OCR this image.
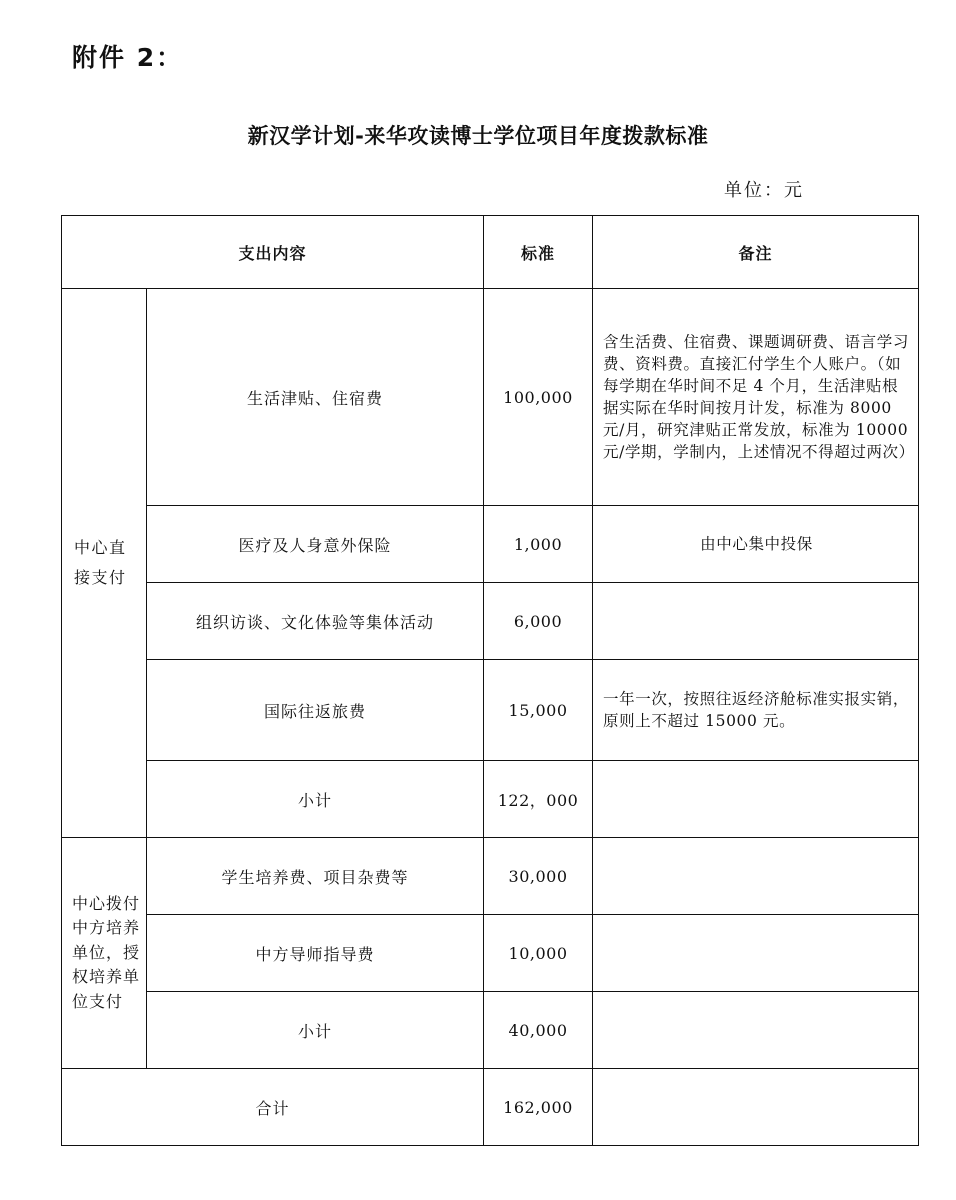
附件 2：
新汉学计划-来华攻读博士学位项目年度拨款标准
单位：元
支出内容		标准	备注

中心直
接支付	生活津贴、住宿费	100,000	含生活费、住宿费、课题调研费、语言学习费、资料费。直接汇付学生个人账户。（如每学期在华时间不足 4 个月，生活津贴根据实际在华时间按月计发，标准为 8000 元/月，研究津贴正常发放，标准为 10000 元/学期，学制内，上述情况不得超过两次）
	医疗及人身意外保险	1,000	由中心集中投保
	组织访谈、文化体验等集体活动	6,000	
	国际往返旅费	15,000	一年一次，按照往返经济舱标准实报实销，原则上不超过 15000 元。
	小计	122，000	
中心拨付中方培养单位，授权培养单位支付	学生培养费、项目杂费等	30,000	
	中方导师指导费	10,000	
	小计	40,000	
合计		162,000	
